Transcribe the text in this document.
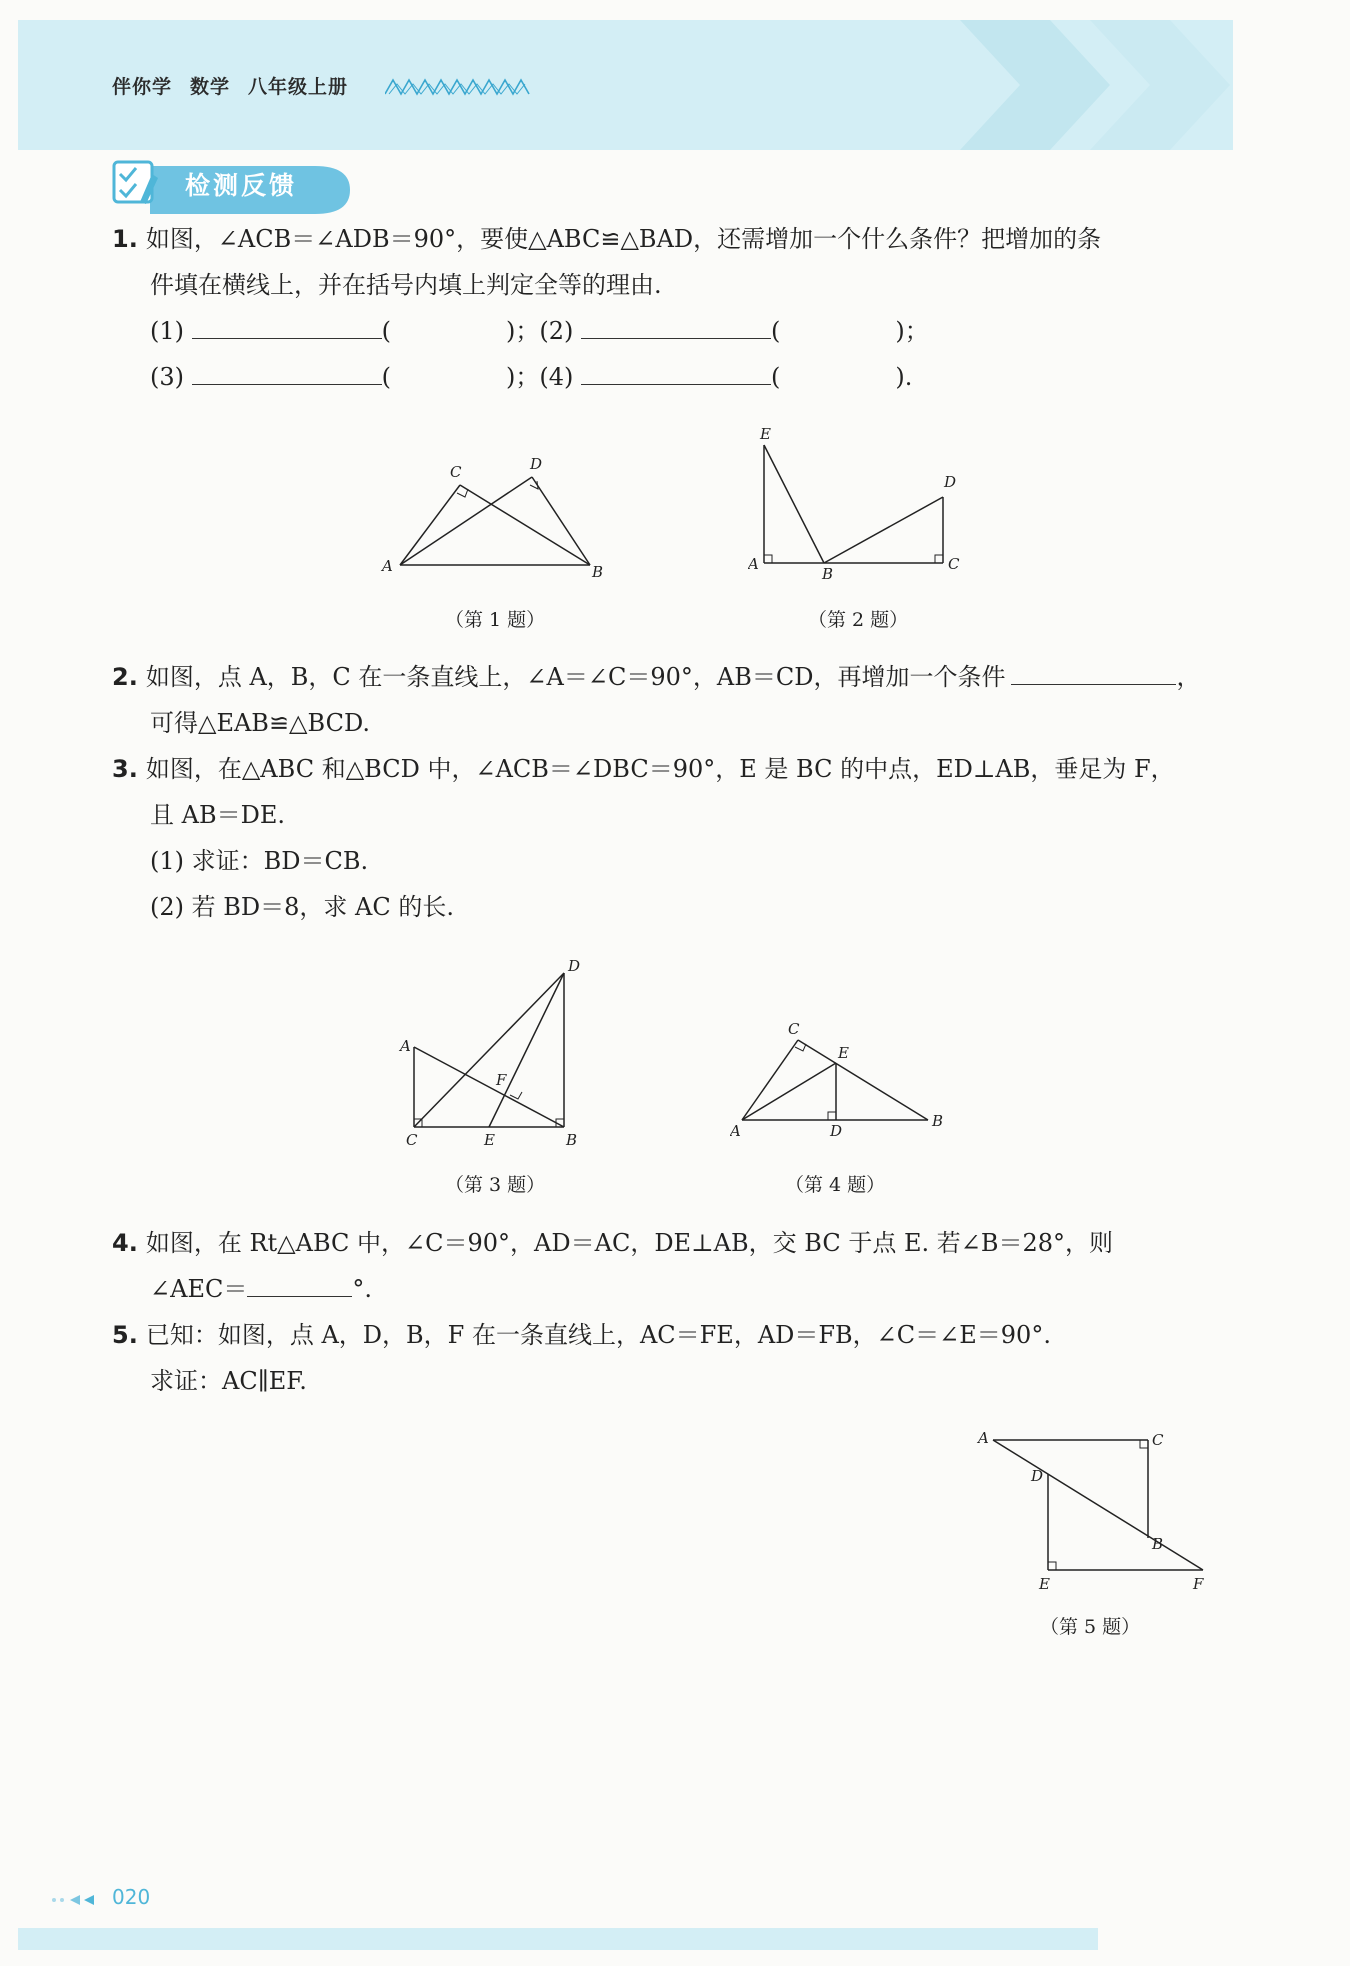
伴你学 数学 八年级上册
检测反馈
1. 如图，∠ACB＝∠ADB＝90°，要使△ABC≌△BAD，还需增加一个什么条件？把增加的条
件填在横线上，并在括号内填上判定全等的理由.
(1)	(	)；(2)	(	)；
(3)	(	)；(4)	(	).
A	B
C	D
（第 1 题）
E
A
B
C
D
（第 2 题）
2. 如图，点 A，B，C 在一条直线上，∠A＝∠C＝90°，AB＝CD，再增加一个条件	，
可得△EAB≌△BCD.
3. 如图，在△ABC 和△BCD 中，∠ACB＝∠DBC＝90°，E 是 BC 的中点，ED⊥AB，垂足为 F，
且 AB＝DE.
(1) 求证：BD＝CB.
(2) 若 BD＝8，求 AC 的长.
A
C	E	B
D
F
（第 3 题）
A
C
E
D
B
（第 4 题）
4. 如图，在 Rt△ABC 中，∠C＝90°，AD＝AC，DE⊥AB，交 BC 于点 E. 若∠B＝28°，则
∠AEC＝	°.
5. 已知：如图，点 A，D，B，F 在一条直线上，AC＝FE，AD＝FB，∠C＝∠E＝90°.
求证：AC∥EF.
A	C
D
B
E	F
（第 5 题）
020
